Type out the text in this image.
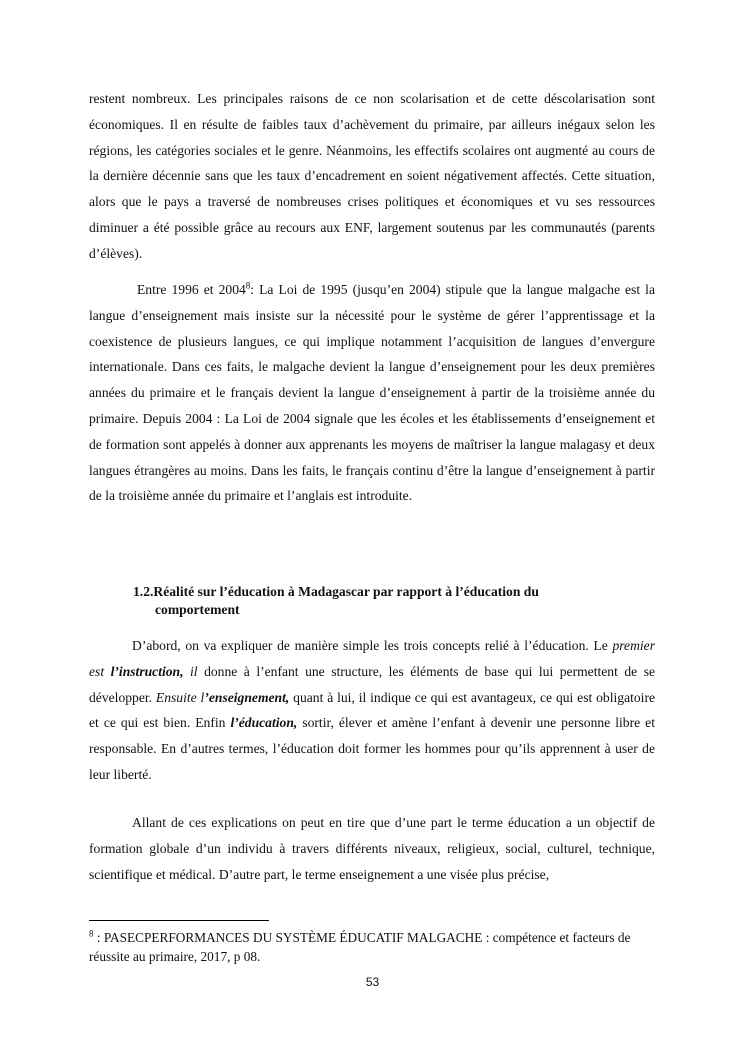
restent nombreux. Les principales raisons de ce non scolarisation et de cette déscolarisation sont économiques. Il en résulte de faibles taux d’achèvement du primaire, par ailleurs inégaux selon les régions, les catégories sociales et le genre. Néanmoins, les effectifs scolaires ont augmenté au cours de la dernière décennie sans que les taux d’encadrement en soient négativement affectés. Cette situation, alors que le pays a traversé de nombreuses crises politiques et économiques et vu ses ressources diminuer a été possible grâce au recours aux ENF, largement soutenus par les communautés (parents d’élèves).

Entre 1996 et 2004$^8$: La Loi de 1995 (jusqu’en 2004) stipule que la langue malgache est la langue d’enseignement mais insiste sur la nécessité pour le système de gérer l’apprentissage et la coexistence de plusieurs langues, ce qui implique notamment l’acquisition de langues d’envergure internationale. Dans ces faits, le malgache devient la langue d’enseignement pour les deux premières années du primaire et le français devient la langue d’enseignement à partir de la troisième année du primaire. Depuis 2004 : La Loi de 2004 signale que les écoles et les établissements d’enseignement et de formation sont appelés à donner aux apprenants les moyens de maîtriser la langue malagasy et deux langues étrangères au moins. Dans les faits, le français continu d’être la langue d’enseignement à partir de la troisième année du primaire et l’anglais est introduite.

1.2.Réalité sur l’éducation à Madagascar par rapport à l’éducation du
comportement

D’abord, on va expliquer de manière simple les trois concepts relié à l’éducation. Le premier est l’instruction, il donne à l’enfant une structure, les éléments de base qui lui permettent de se développer. Ensuite l’enseignement, quant à lui, il indique ce qui est avantageux, ce qui est obligatoire et ce qui est bien. Enfin l’éducation, sortir, élever et amène l’enfant à devenir une personne libre et responsable. En d’autres termes, l’éducation doit former les hommes pour qu’ils apprennent à user de leur liberté.

Allant de ces explications on peut en tire que d’une part le terme éducation a un objectif de formation globale d’un individu à travers différents niveaux, religieux, social, culturel, technique, scientifique et médical. D’autre part, le terme enseignement a une visée plus précise,

$^8$ : PASECPERFORMANCES DU SYSTÈME ÉDUCATIF MALGACHE : compétence et facteurs de réussite au primaire, 2017, p 08.
53
